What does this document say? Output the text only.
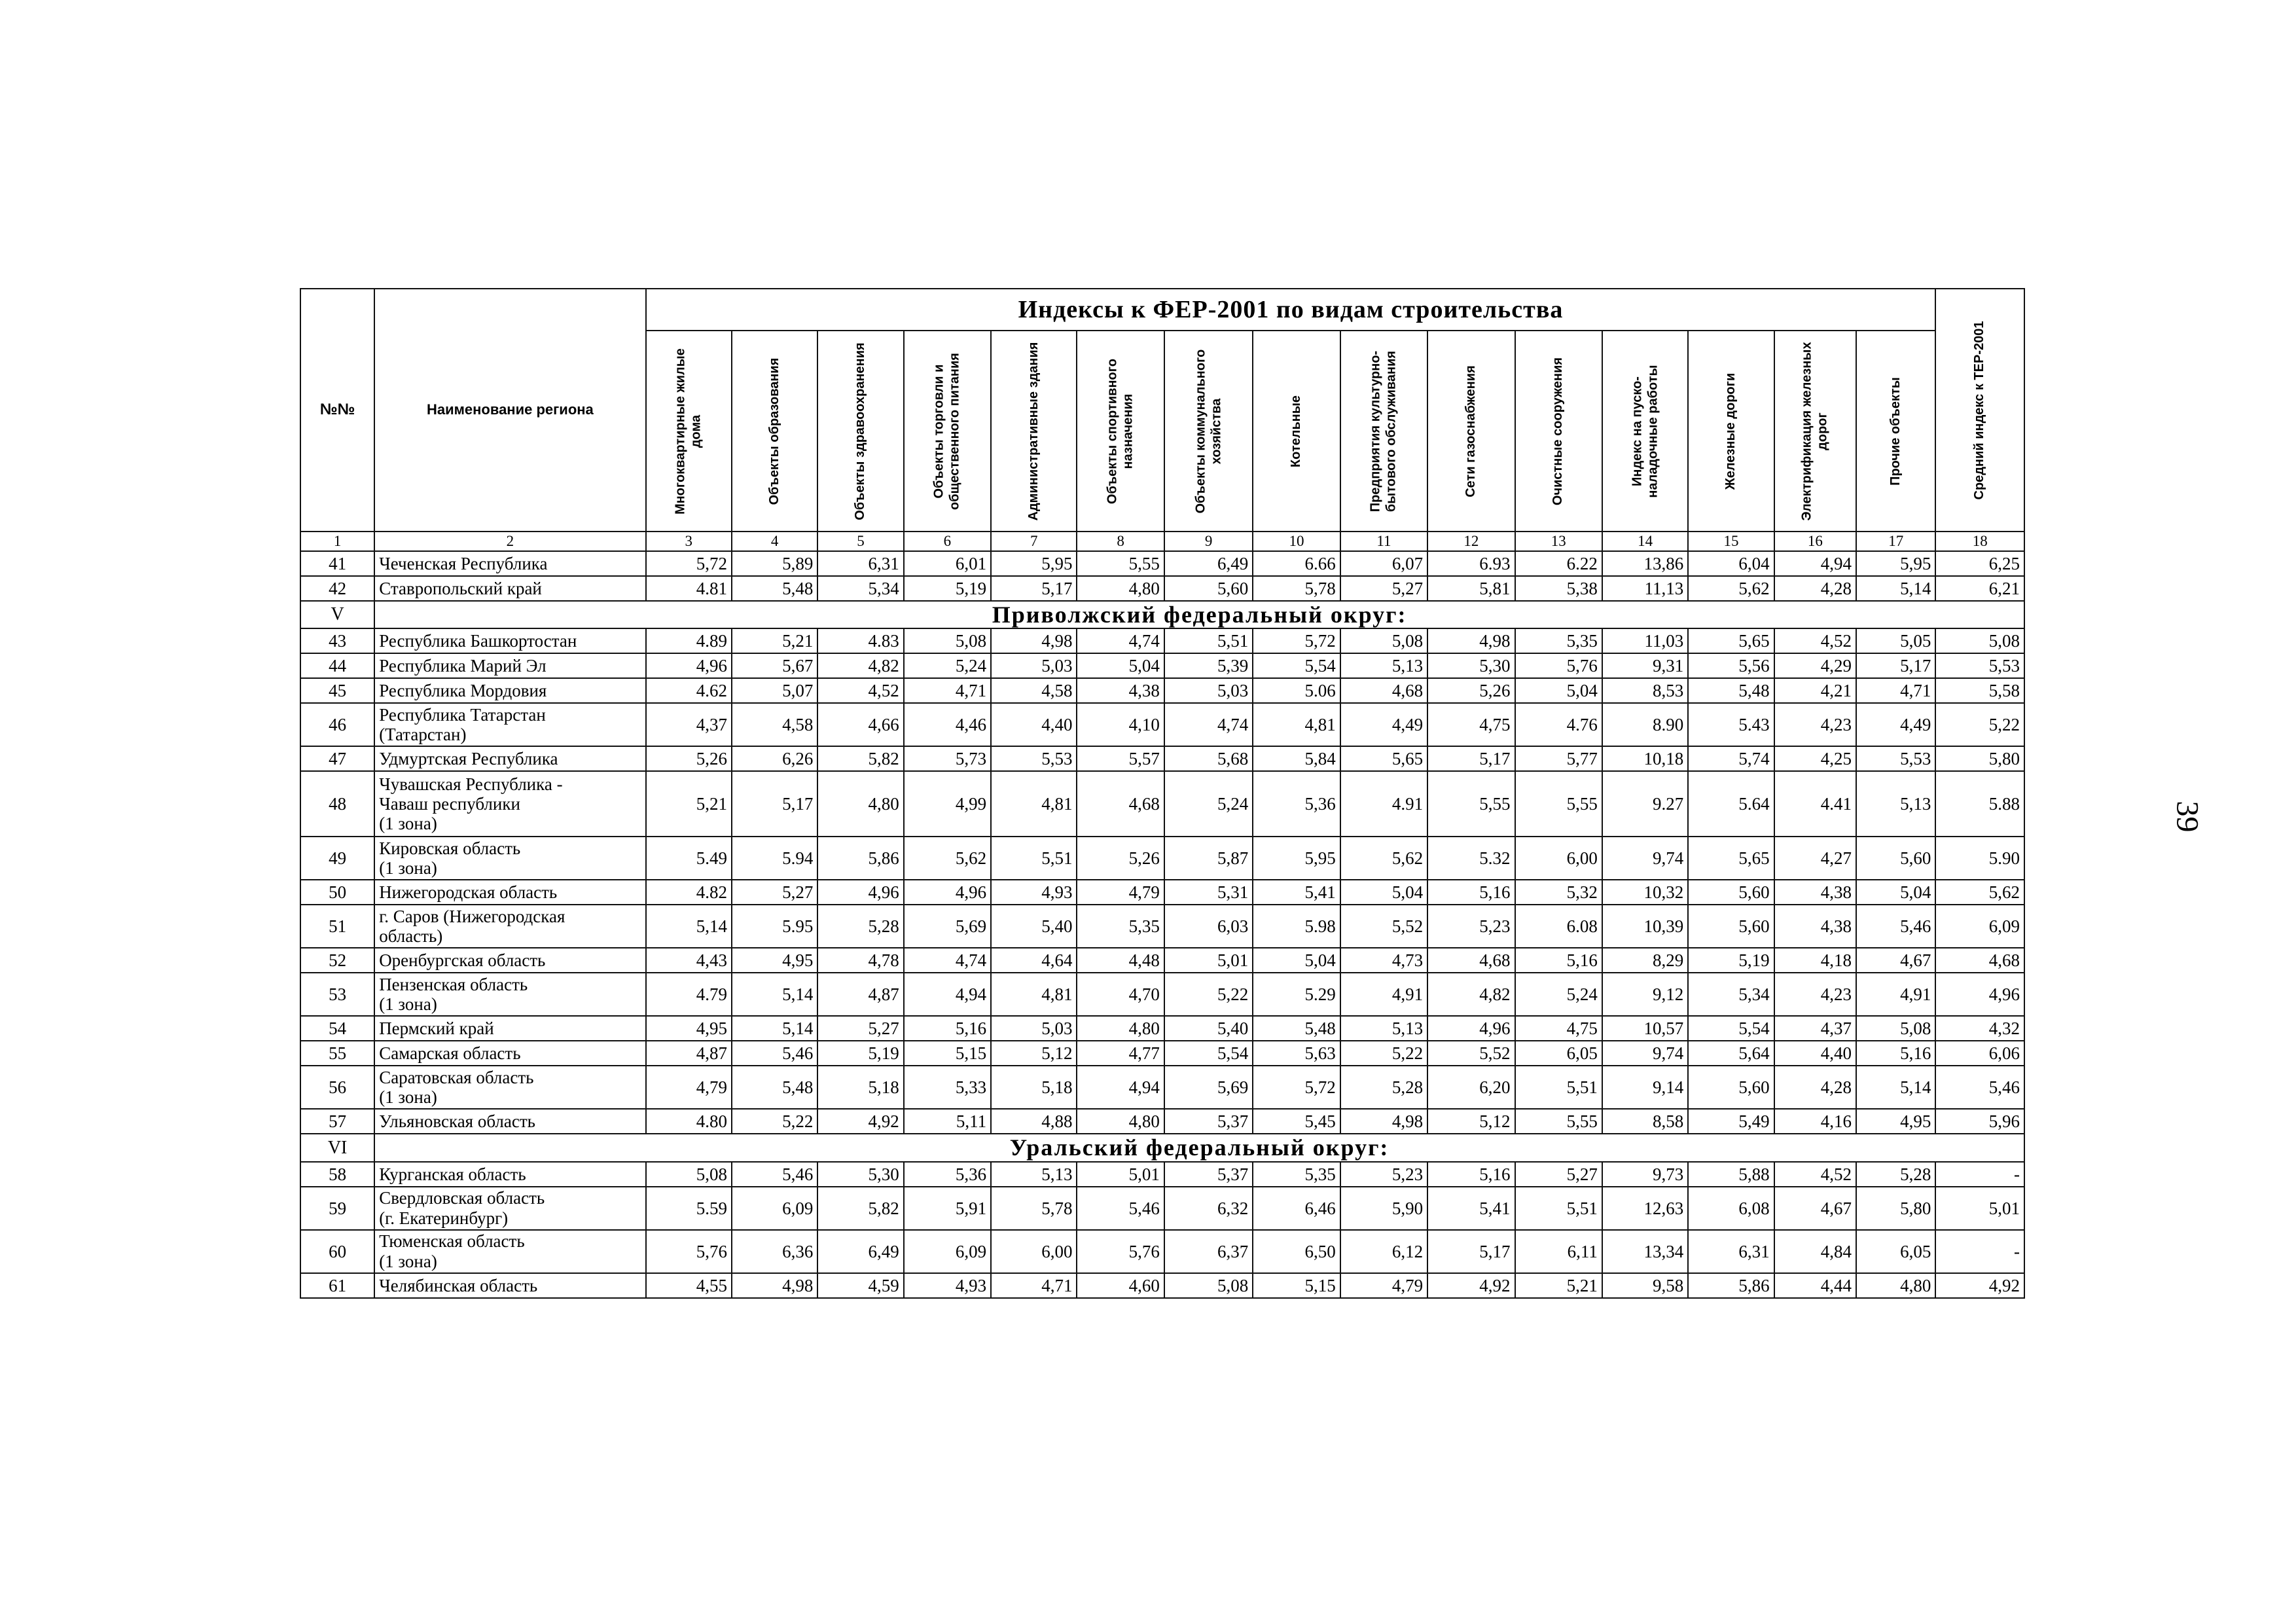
№№	Наименование региона	Индексы к ФЕР-2001 по видам строительства															Средний индекс к ТЕР-2001

		Многоквартирные жилые дома	Объекты образования	Объекты здравоохранения	Объекты торговли и общественного питания	Административные здания	Объекты спортивного назначения	Объекты коммунального хозяйства	Котельные	Предприятия культурно-бытового обслуживания	Сети газоснабжения	Очистные сооружения	Индекс на пуско-наладочные работы	Железные дороги	Электрификация железных дорог	Прочие объекты	

1	2	3	4	5	6	7	8	9	10	11	12	13	14	15	16	17	18
41	Чеченская Республика	5,72	5,89	6,31	6,01	5,95	5,55	6,49	6.66	6,07	6.93	6.22	13,86	6,04	4,94	5,95	6,25
42	Ставропольский край	4.81	5,48	5,34	5,19	5,17	4,80	5,60	5,78	5,27	5,81	5,38	11,13	5,62	4,28	5,14	6,21
V	Приволжский федеральный округ:																
43	Республика Башкортостан	4.89	5,21	4.83	5,08	4,98	4,74	5,51	5,72	5,08	4,98	5,35	11,03	5,65	4,52	5,05	5,08
44	Республика Марий Эл	4,96	5,67	4,82	5,24	5,03	5,04	5,39	5,54	5,13	5,30	5,76	9,31	5,56	4,29	5,17	5,53
45	Республика Мордовия	4.62	5,07	4,52	4,71	4,58	4,38	5,03	5.06	4,68	5,26	5,04	8,53	5,48	4,21	4,71	5,58
46	Республика Татарстан
(Татарстан)	4,37	4,58	4,66	4,46	4,40	4,10	4,74	4,81	4,49	4,75	4.76	8.90	5.43	4,23	4,49	5,22
47	Удмуртская Республика	5,26	6,26	5,82	5,73	5,53	5,57	5,68	5,84	5,65	5,17	5,77	10,18	5,74	4,25	5,53	5,80
48	Чувашская Республика -
Чаваш республики
(1 зона)	5,21	5,17	4,80	4,99	4,81	4,68	5,24	5,36	4.91	5,55	5,55	9.27	5.64	4.41	5,13	5.88
49	Кировская область
(1 зона)	5.49	5.94	5,86	5,62	5,51	5,26	5,87	5,95	5,62	5.32	6,00	9,74	5,65	4,27	5,60	5.90
50	Нижегородская область	4.82	5,27	4,96	4,96	4,93	4,79	5,31	5,41	5,04	5,16	5,32	10,32	5,60	4,38	5,04	5,62
51	г. Саров (Нижегородская
область)	5,14	5.95	5,28	5,69	5,40	5,35	6,03	5.98	5,52	5,23	6.08	10,39	5,60	4,38	5,46	6,09
52	Оренбургская область	4,43	4,95	4,78	4,74	4,64	4,48	5,01	5,04	4,73	4,68	5,16	8,29	5,19	4,18	4,67	4,68
53	Пензенская область
(1 зона)	4.79	5,14	4,87	4,94	4,81	4,70	5,22	5.29	4,91	4,82	5,24	9,12	5,34	4,23	4,91	4,96
54	Пермский край	4,95	5,14	5,27	5,16	5,03	4,80	5,40	5,48	5,13	4,96	4,75	10,57	5,54	4,37	5,08	4,32
55	Самарская область	4,87	5,46	5,19	5,15	5,12	4,77	5,54	5,63	5,22	5,52	6,05	9,74	5,64	4,40	5,16	6,06
56	Саратовская область
(1 зона)	4,79	5,48	5,18	5,33	5,18	4,94	5,69	5,72	5,28	6,20	5,51	9,14	5,60	4,28	5,14	5,46
57	Ульяновская область	4.80	5,22	4,92	5,11	4,88	4,80	5,37	5,45	4,98	5,12	5,55	8,58	5,49	4,16	4,95	5,96
VI	Уральский федеральный округ:																
58	Курганская область	5,08	5,46	5,30	5,36	5,13	5,01	5,37	5,35	5,23	5,16	5,27	9,73	5,88	4,52	5,28	-
59	Свердловская область
(г. Екатеринбург)	5.59	6,09	5,82	5,91	5,78	5,46	6,32	6,46	5,90	5,41	5,51	12,63	6,08	4,67	5,80	5,01
60	Тюменская область
(1 зона)	5,76	6,36	6,49	6,09	6,00	5,76	6,37	6,50	6,12	5,17	6,11	13,34	6,31	4,84	6,05	-
61	Челябинская область	4,55	4,98	4,59	4,93	4,71	4,60	5,08	5,15	4,79	4,92	5,21	9,58	5,86	4,44	4,80	4,92
39
